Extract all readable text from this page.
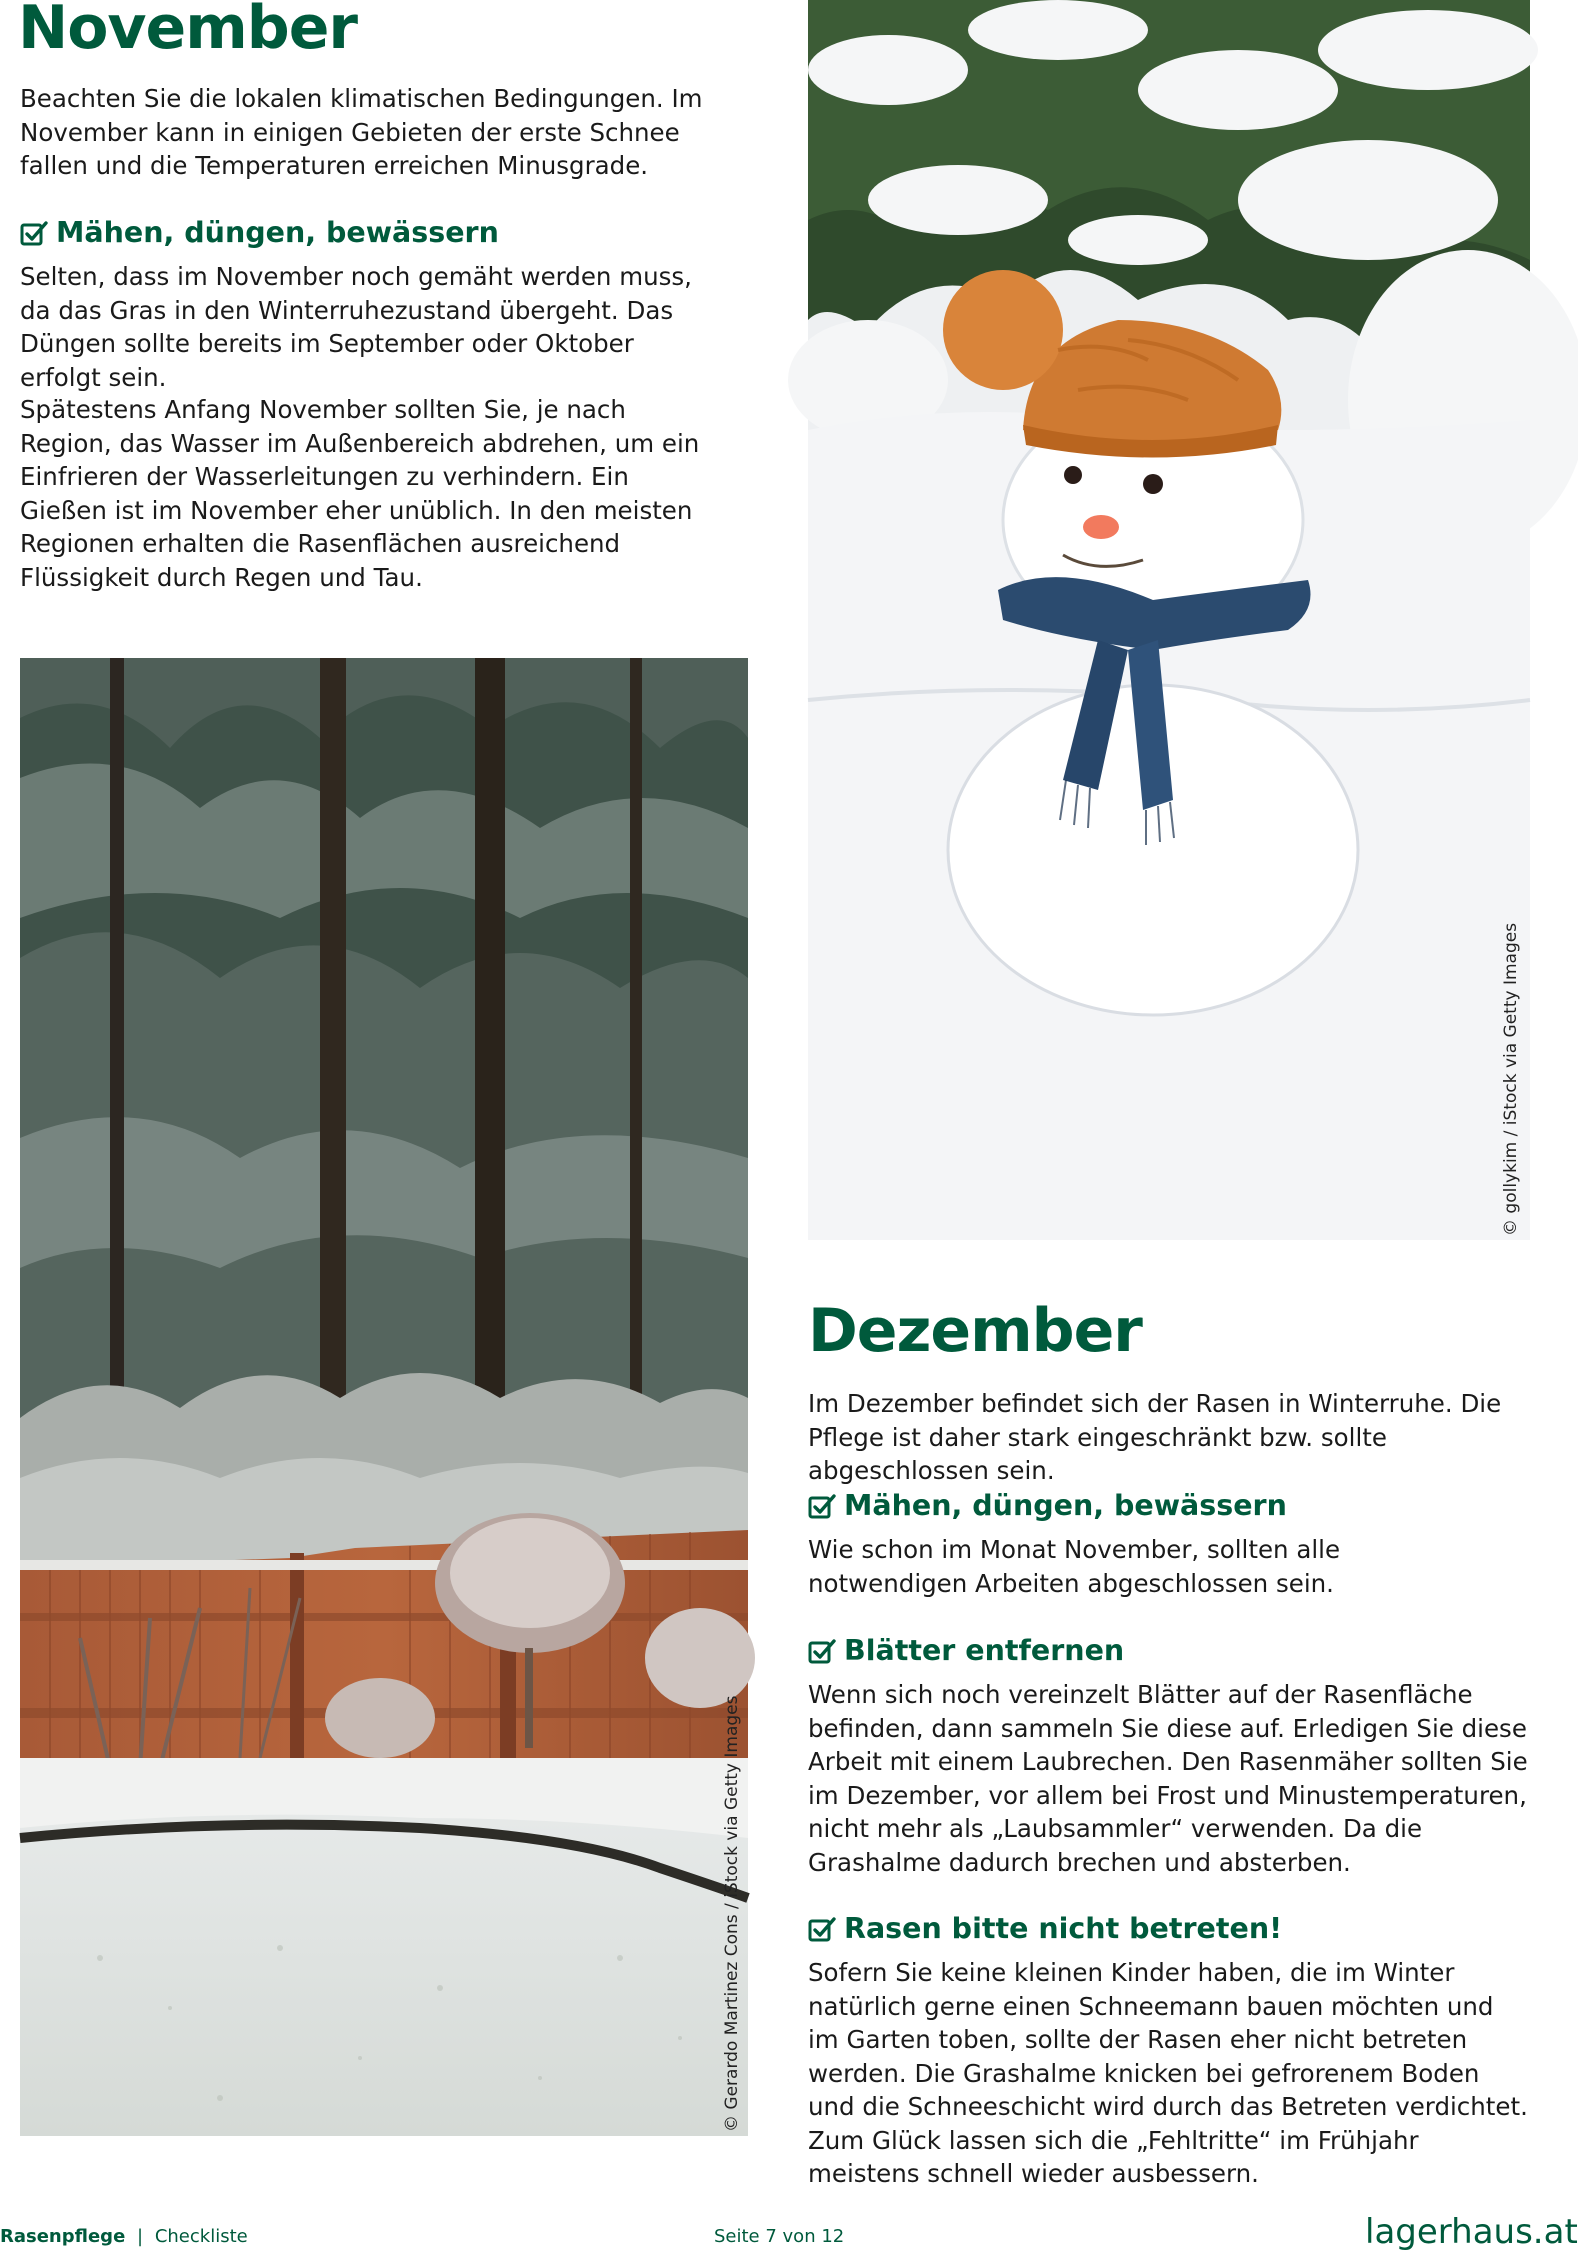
November

Beachten Sie die lokalen klimatischen Bedingungen. Im November kann in einigen Gebieten der erste Schnee fallen und die Temperaturen erreichen Minusgrade.

Mähen, düngen, bewässern

Selten, dass im November noch gemäht werden muss, da das Gras in den Winterruhezustand übergeht. Das Düngen sollte bereits im September oder Oktober erfolgt sein.

Spätestens Anfang November sollten Sie, je nach Region, das Wasser im Außenbereich abdrehen, um ein Einfrieren der Wasserleitungen zu verhindern. Ein Gießen ist im November eher unüblich. In den meisten Regionen erhalten die Rasenflächen ausreichend Flüssigkeit durch Regen und Tau.

© Gerardo Martinez Cons / iStock via Getty Images
© gollykim / iStock via Getty Images
Dezember

Im Dezember befindet sich der Rasen in Winterruhe. Die Pflege ist daher stark eingeschränkt bzw. sollte abgeschlossen sein.

Mähen, düngen, bewässern

Wie schon im Monat November, sollten alle notwendigen Arbeiten abgeschlossen sein.

Blätter entfernen

Wenn sich noch vereinzelt Blätter auf der Rasenfläche befinden, dann sammeln Sie diese auf. Erledigen Sie diese Arbeit mit einem Laubrechen. Den Rasenmäher sollten Sie im Dezember, vor allem bei Frost und Minustemperaturen, nicht mehr als „Laubsammler“ verwenden. Da die Grashalme dadurch brechen und absterben.

Rasen bitte nicht betreten!

Sofern Sie keine kleinen Kinder haben, die im Winter natürlich gerne einen Schneemann bauen möchten und im Garten toben, sollte der Rasen eher nicht betreten werden. Die Grashalme knicken bei gefrorenem Boden und die Schneeschicht wird durch das Betreten verdichtet. Zum Glück lassen sich die „Fehltritte“ im Frühjahr meistens schnell wieder ausbessern.

Rasenpflege | Checkliste	Seite 7 von 12	lagerhaus.at
